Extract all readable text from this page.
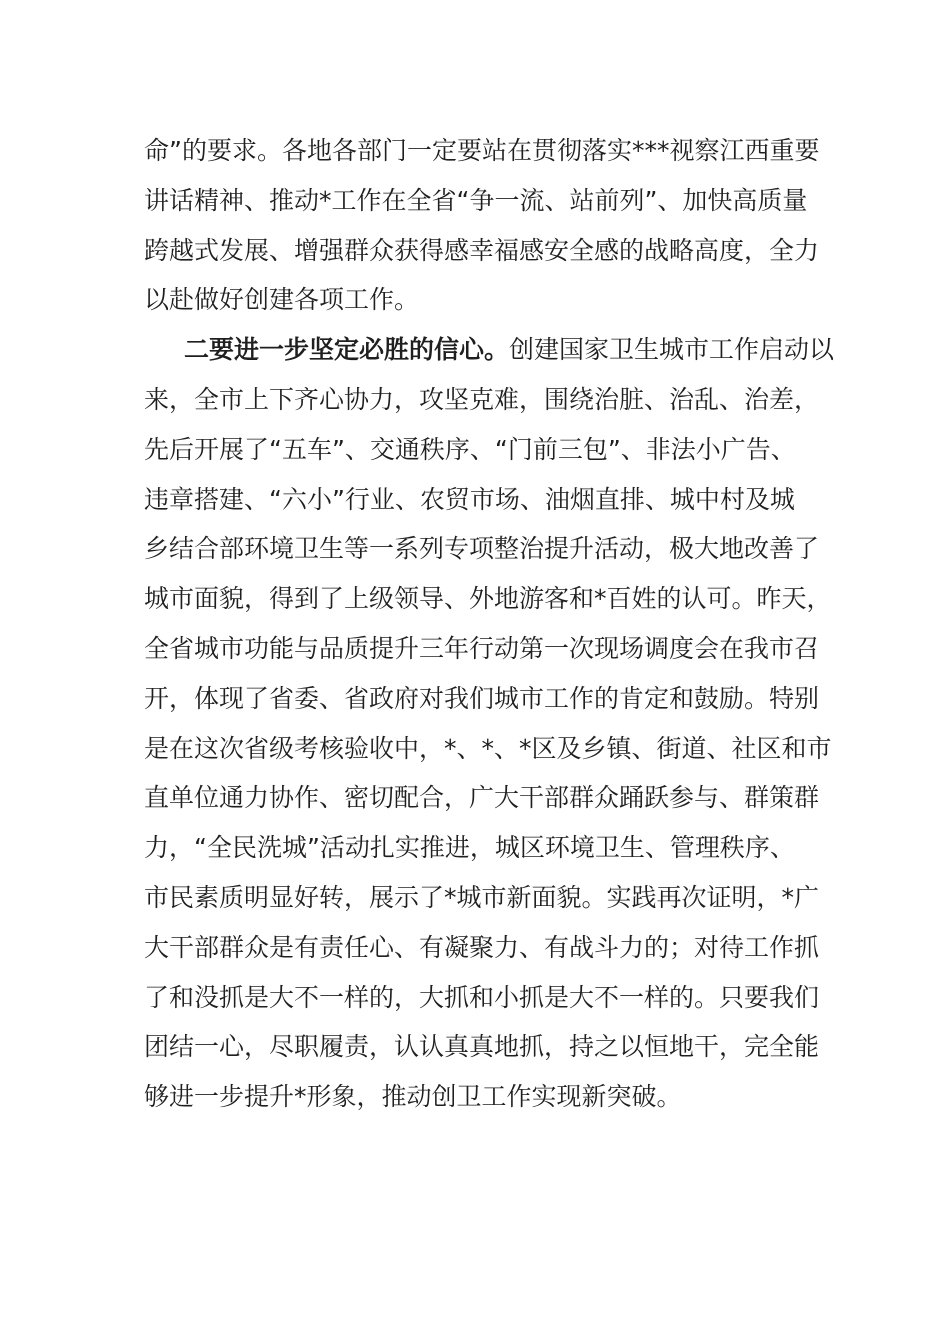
命”的要求。各地各部门一定要站在贯彻落实***视察江西重要
讲话精神、推动*工作在全省“争一流、站前列”、加快高质量
跨越式发展、增强群众获得感幸福感安全感的战略高度，全力
以赴做好创建各项工作。
二要进一步坚定必胜的信心。创建国家卫生城市工作启动以
来，全市上下齐心协力，攻坚克难，围绕治脏、治乱、治差，
先后开展了“五车”、交通秩序、“门前三包”、非法小广告、
违章搭建、“六小”行业、农贸市场、油烟直排、城中村及城
乡结合部环境卫生等一系列专项整治提升活动，极大地改善了
城市面貌，得到了上级领导、外地游客和*百姓的认可。昨天，
全省城市功能与品质提升三年行动第一次现场调度会在我市召
开，体现了省委、省政府对我们城市工作的肯定和鼓励。特别
是在这次省级考核验收中，*、*、*区及乡镇、街道、社区和市
直单位通力协作、密切配合，广大干部群众踊跃参与、群策群
力，“全民洗城”活动扎实推进，城区环境卫生、管理秩序、
市民素质明显好转，展示了*城市新面貌。实践再次证明，*广
大干部群众是有责任心、有凝聚力、有战斗力的；对待工作抓
了和没抓是大不一样的，大抓和小抓是大不一样的。只要我们
团结一心，尽职履责，认认真真地抓，持之以恒地干，完全能
够进一步提升*形象，推动创卫工作实现新突破。
